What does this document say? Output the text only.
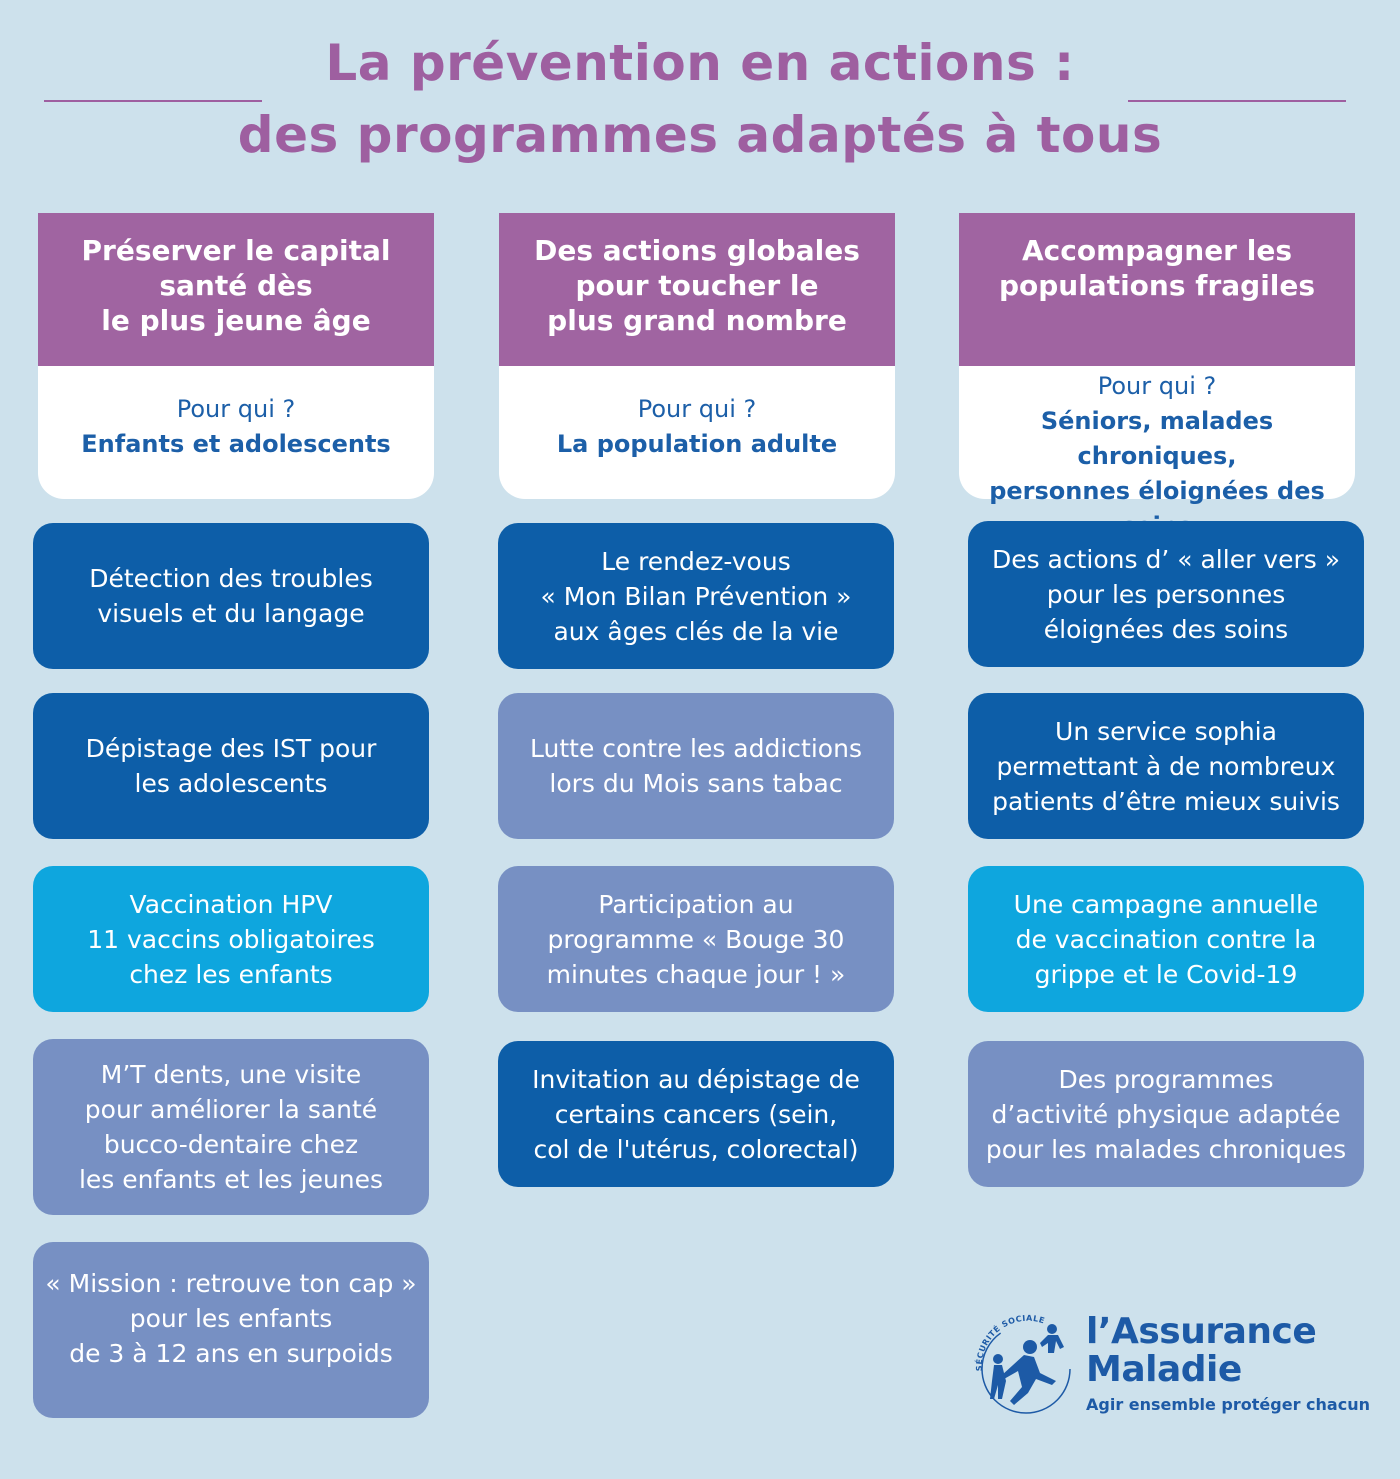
La prévention en actions :
des programmes adaptés à tous
Préserver le capital
santé dès
le plus jeune âge
Pour qui ?
Enfants et adolescents
Des actions globales
pour toucher le
plus grand nombre
Pour qui ?
La population adulte
Accompagner les
populations fragiles
Pour qui ?
Séniors, malades chroniques,
personnes éloignées des
Détection des troubles
visuels et du langage
Dépistage des IST pour
les adolescents
Vaccination HPV
11 vaccins obligatoires
chez les enfants
M’T dents, une visite
pour améliorer la santé
bucco-dentaire chez
les enfants et les jeunes
« Mission : retrouve ton cap »
pour les enfants
de 3 à 12 ans en surpoids
Le rendez-vous
« Mon Bilan Prévention »
aux âges clés de la vie
Lutte contre les addictions
lors du Mois sans tabac
Participation au
programme « Bouge 30
minutes chaque jour ! »
Invitation au dépistage de
certains cancers (sein,
col de l'utérus, colorectal)
Des actions d’ « aller vers »
pour les personnes
éloignées des soins
Un service sophia
permettant à de nombreux
patients d’être mieux suivis
Une campagne annuelle
de vaccination contre la
grippe et le Covid-19
Des programmes
d’activité physique adaptée
pour les malades chroniques
SÉCURITÉ SOCIALE l’Assurance
Maladie
Agir ensemble protéger chacun
